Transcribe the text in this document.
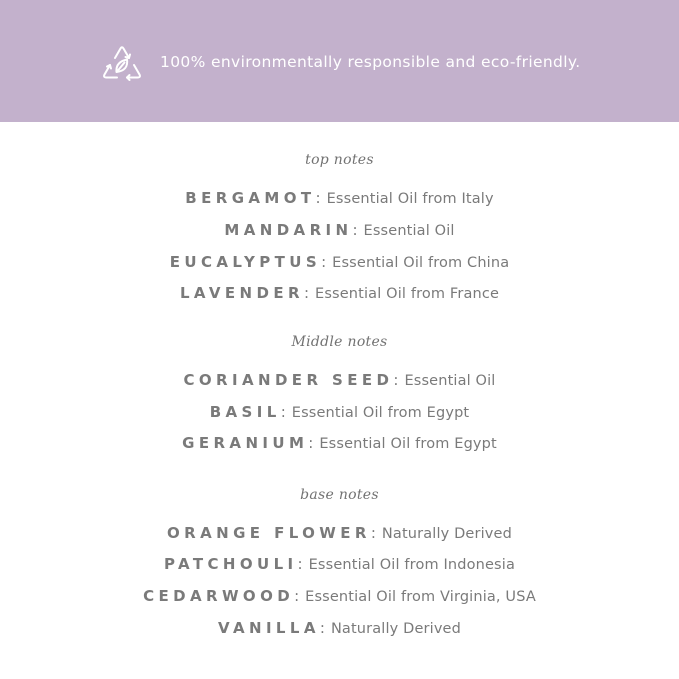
100% environmentally responsible and eco-friendly.
top notes
BERGAMOT: Essential Oil from Italy
MANDARIN: Essential Oil
EUCALYPTUS: Essential Oil from China
LAVENDER: Essential Oil from France
Middle notes
CORIANDER SEED: Essential Oil
BASIL: Essential Oil from Egypt
GERANIUM: Essential Oil from Egypt
base notes
ORANGE FLOWER: Naturally Derived
PATCHOULI: Essential Oil from Indonesia
CEDARWOOD: Essential Oil from Virginia, USA
VANILLA: Naturally Derived
